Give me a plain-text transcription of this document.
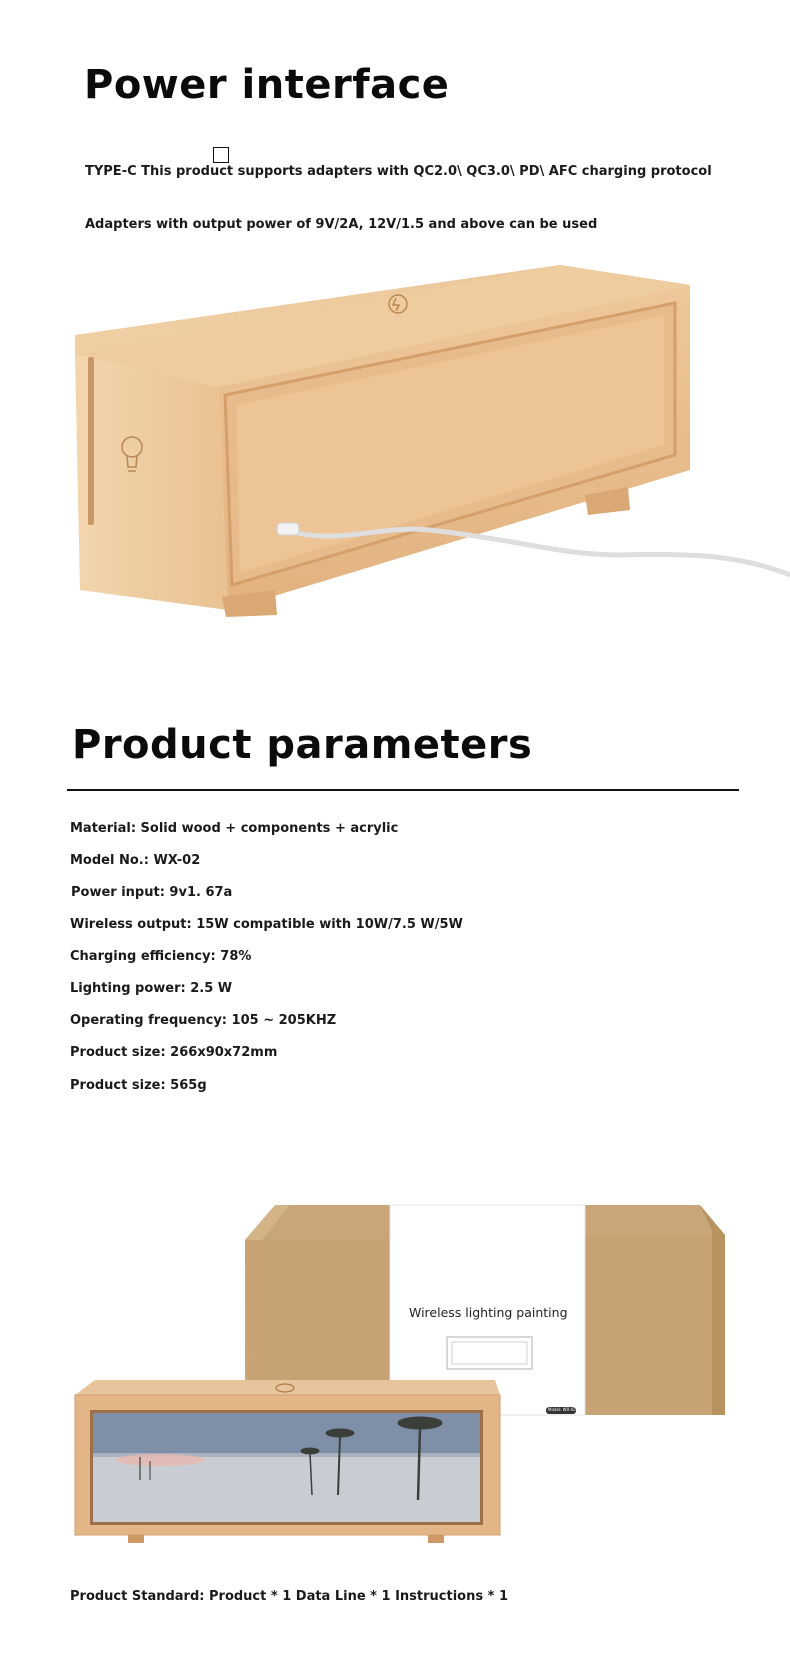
Power interface
TYPE-C This product supports adapters with QC2.0\ QC3.0\ PD\ AFC charging protocol
Adapters with output power of 9V/2A, 12V/1.5 and above can be used
Product parameters
Material: Solid wood + components + acrylic
Model No.: WX-02
Power input: 9v1. 67a
Wireless output: 15W compatible with 10W/7.5 W/5W
Charging efficiency: 78%
Lighting power: 2.5 W
Operating frequency: 105 ~ 205KHZ
Product size: 266x90x72mm
Product size: 565g
Wireless lighting painting
Model: WX-02
Product Standard: Product * 1 Data Line * 1 Instructions * 1
